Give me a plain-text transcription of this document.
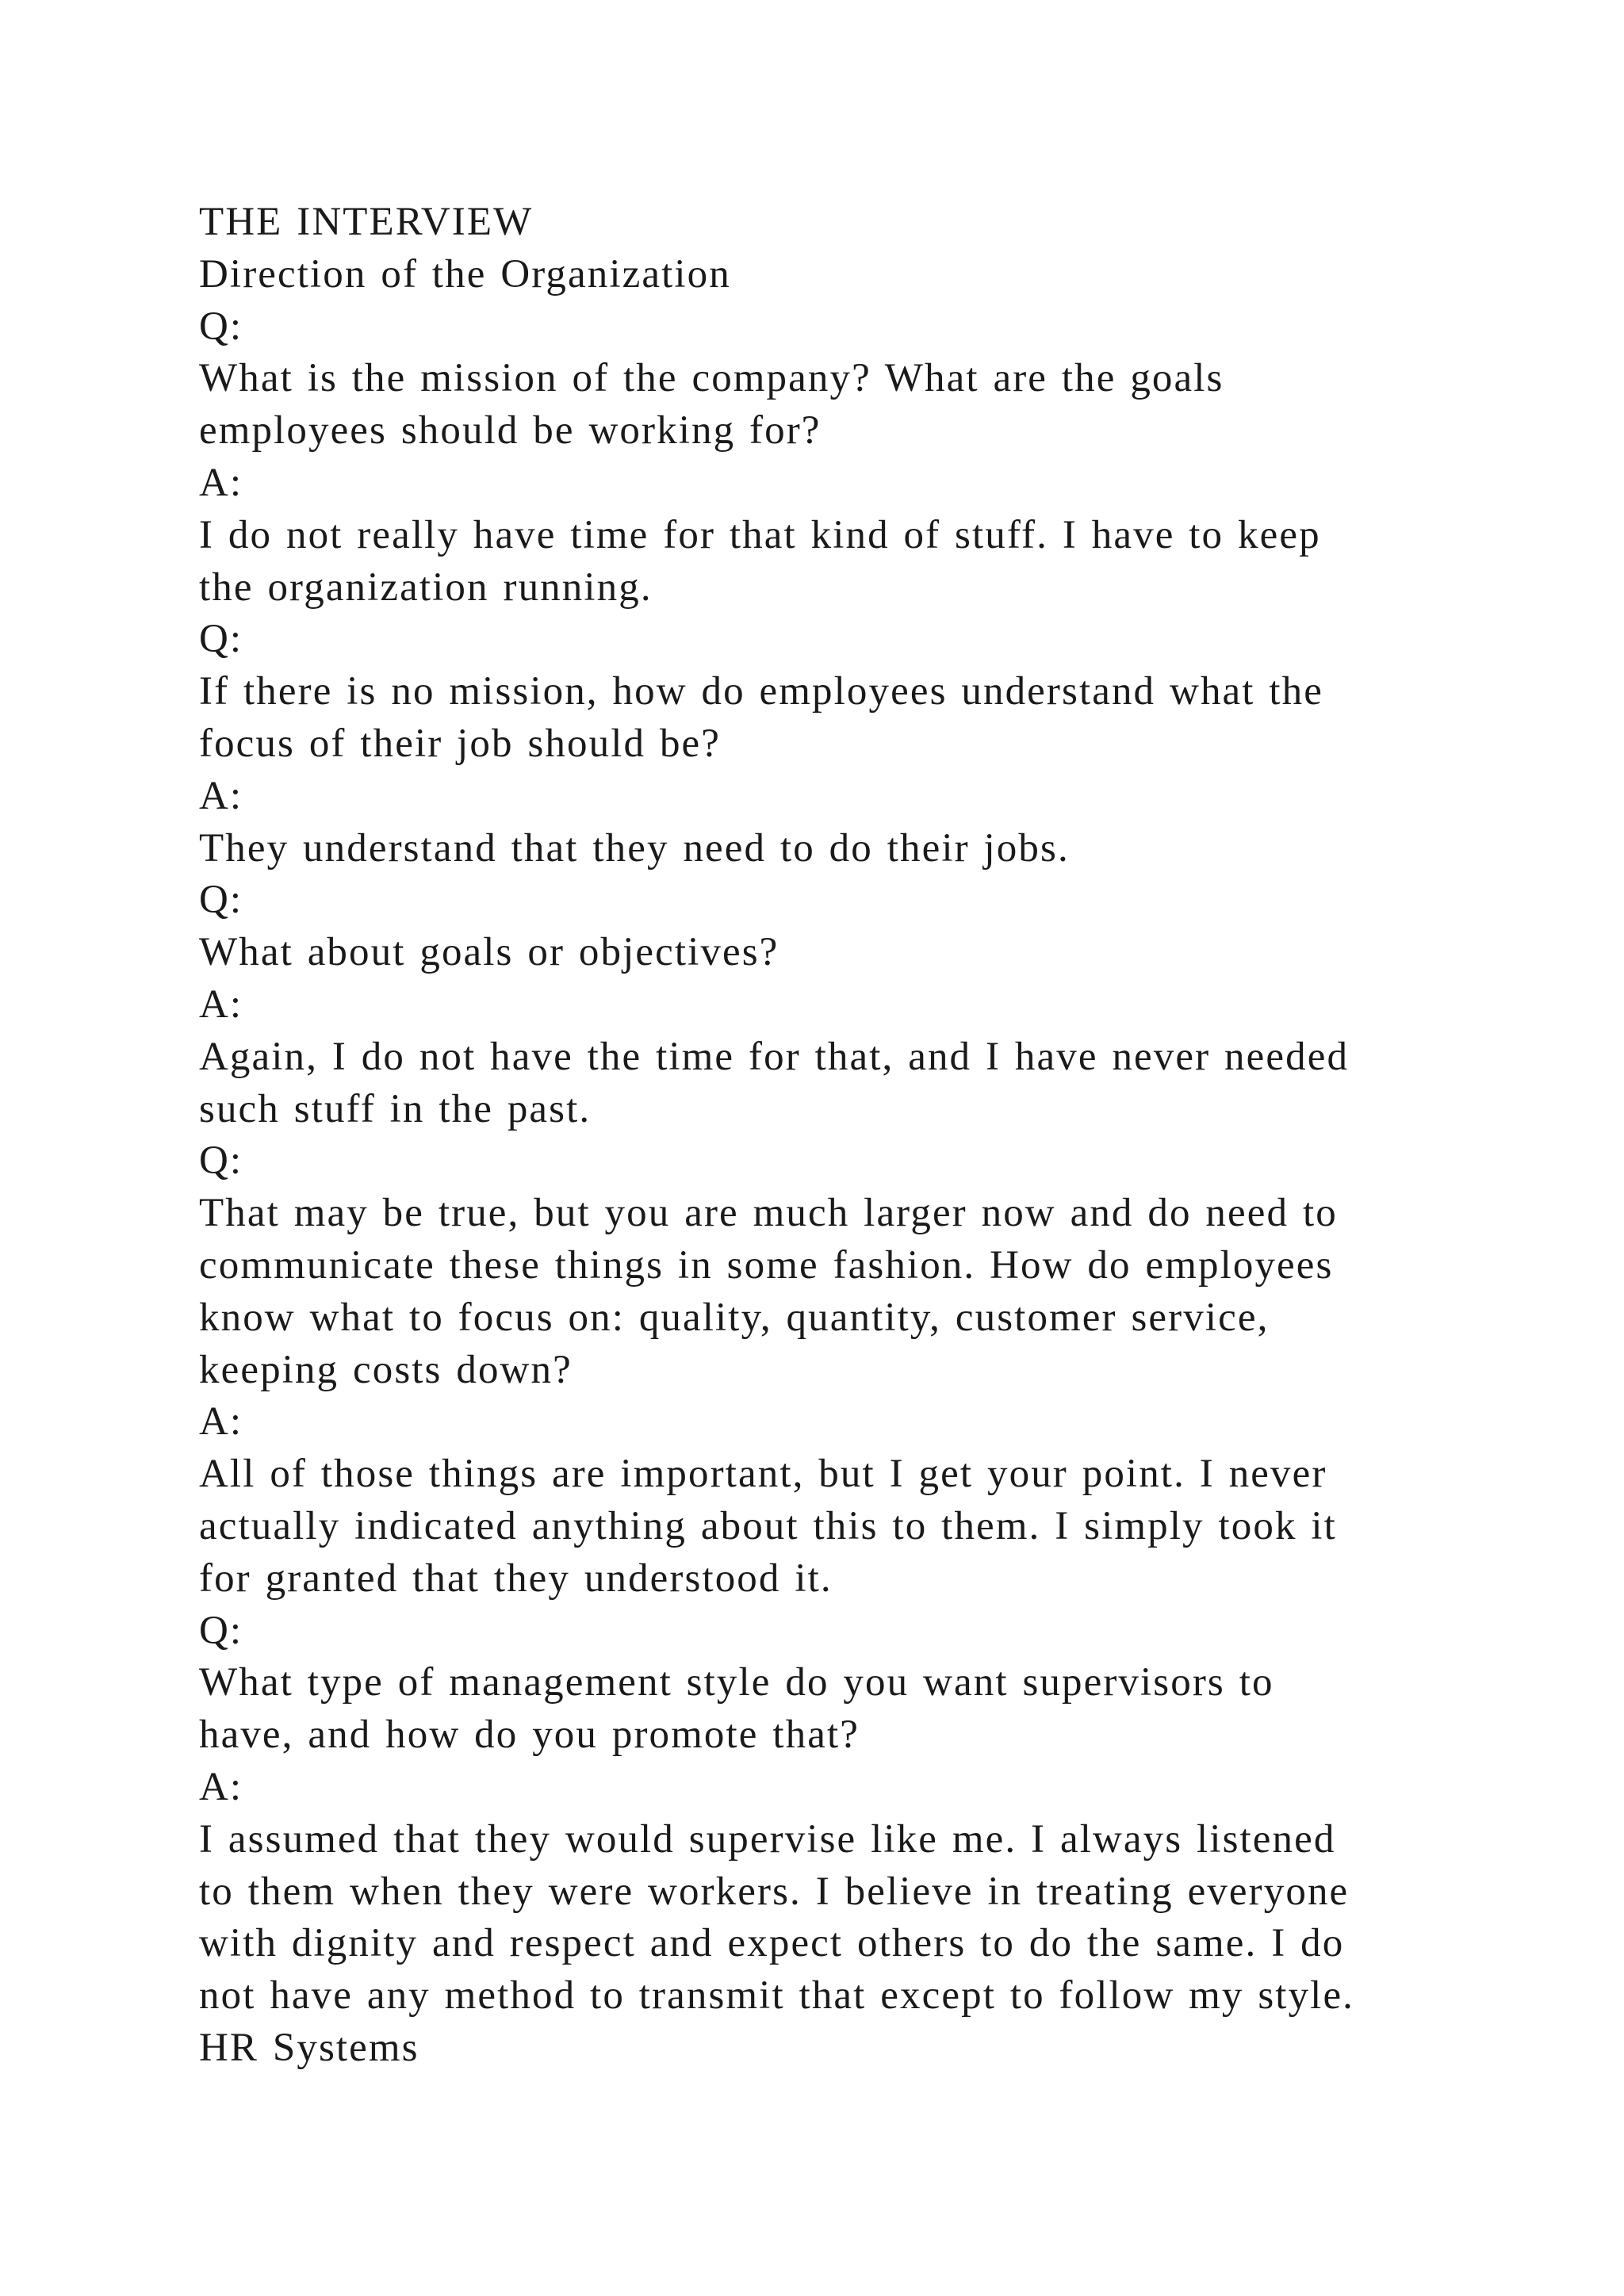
THE INTERVIEW
Direction of the Organization
Q:
What is the mission of the company? What are the goals
employees should be working for?
A:
I do not really have time for that kind of stuff. I have to keep
the organization running.
Q:
If there is no mission, how do employees understand what the
focus of their job should be?
A:
They understand that they need to do their jobs.
Q:
What about goals or objectives?
A:
Again, I do not have the time for that, and I have never needed
such stuff in the past.
Q:
That may be true, but you are much larger now and do need to
communicate these things in some fashion. How do employees
know what to focus on: quality, quantity, customer service,
keeping costs down?
A:
All of those things are important, but I get your point. I never
actually indicated anything about this to them. I simply took it
for granted that they understood it.
Q:
What type of management style do you want supervisors to
have, and how do you promote that?
A:
I assumed that they would supervise like me. I always listened
to them when they were workers. I believe in treating everyone
with dignity and respect and expect others to do the same. I do
not have any method to transmit that except to follow my style.
HR Systems
